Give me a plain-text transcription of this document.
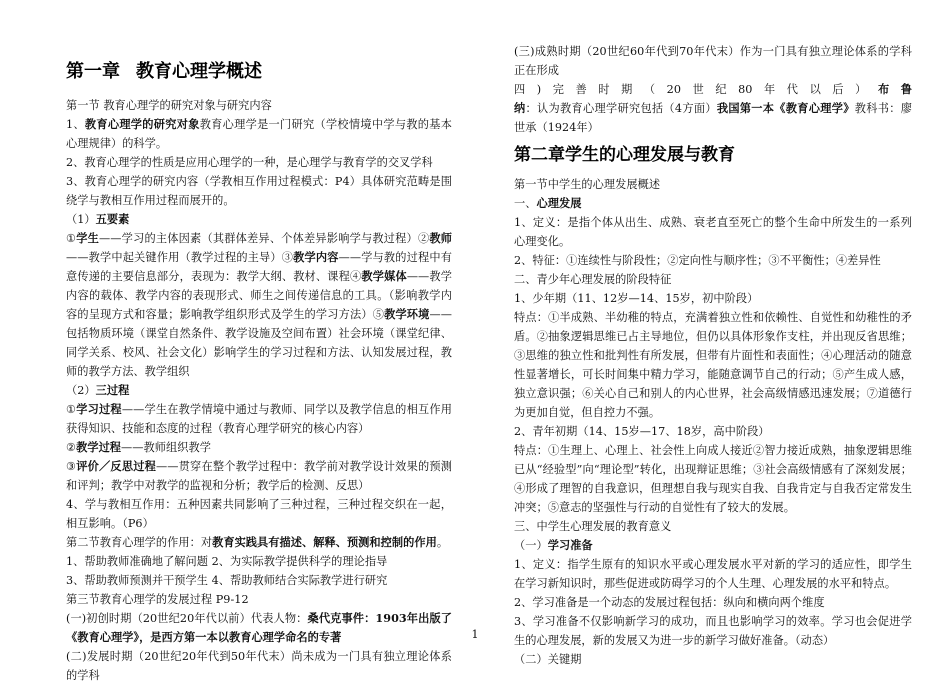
第一章 教育心理学概述

第一节 教育心理学的研究对象与研究内容

1、教育心理学的研究对象教育心理学是一门研究（学校情境中学与教的基本心理规律）的科学。

2、教育心理学的性质是应用心理学的一种，是心理学与教育学的交叉学科

3、教育心理学的研究内容（学教相互作用过程模式：P4）具体研究范畴是围绕学与教相互作用过程而展开的。

（1）五要素

①学生——学习的主体因素（其群体差异、个体差异影响学与教过程）②教师——教学中起关键作用（教学过程的主导）③教学内容——学与教的过程中有意传递的主要信息部分，表现为：教学大纲、教材、课程④教学媒体——教学内容的载体、教学内容的表现形式、师生之间传递信息的工具。（影响教学内容的呈现方式和容量；影响教学组织形式及学生的学习方法）⑤教学环境——包括物质环境（课堂自然条件、教学设施及空间布置）社会环境（课堂纪律、同学关系、校风、社会文化）影响学生的学习过程和方法、认知发展过程，教师的教学方法、教学组织

（2）三过程

①学习过程——学生在教学情境中通过与教师、同学以及教学信息的相互作用获得知识、技能和态度的过程（教育心理学研究的核心内容）

②教学过程——教师组织教学

③评价／反思过程——贯穿在整个教学过程中：教学前对教学设计效果的预测和评判；教学中对教学的监视和分析；教学后的检测、反思）

4、学与教相互作用：五种因素共同影响了三种过程，三种过程交织在一起，相互影响。（P6）

第二节教育心理学的作用：对教育实践具有描述、解释、预测和控制的作用。

1、帮助教师准确地了解问题 2、为实际教学提供科学的理论指导

3、帮助教师预测并干预学生 4、帮助教师结合实际教学进行研究

第三节教育心理学的发展过程 P9-12

(一)初创时期（20世纪20年代以前）代表人物：桑代克事件：1903年出版了《教育心理学》，是西方第一本以教育心理学命名的专著

(二)发展时期（20世纪20年代到50年代末）尚未成为一门具有独立理论体系的学科

(三)成熟时期（20世纪60年代到70年代末）作为一门具有独立理论体系的学科正在形成

四)完善时期（20世纪80年代以后）布鲁纳：认为教育心理学研究包括（4方面）我国第一本《教育心理学》教科书：廖世承（1924年）

第二章学生的心理发展与教育

第一节中学生的心理发展概述

一、心理发展

1、定义：是指个体从出生、成熟、衰老直至死亡的整个生命中所发生的一系列心理变化。

2、特征：①连续性与阶段性；②定向性与顺序性；③不平衡性；④差异性

二、青少年心理发展的阶段特征

1、少年期（11、12岁—14、15岁，初中阶段）

特点：①半成熟、半幼稚的特点，充满着独立性和依赖性、自觉性和幼稚性的矛盾。②抽象逻辑思维已占主导地位，但仍以具体形象作支柱，并出现反省思维；③思维的独立性和批判性有所发展，但带有片面性和表面性；④心理活动的随意性显著增长，可长时间集中精力学习，能随意调节自己的行动；⑤产生成人感，独立意识强；⑥关心自己和别人的内心世界，社会高级情感迅速发展；⑦道德行为更加自觉，但自控力不强。

2、青年初期（14、15岁—17、18岁，高中阶段）

特点：①生理上、心理上、社会性上向成人接近②智力接近成熟，抽象逻辑思维已从“经验型”向“理论型”转化，出现辩证思维；③社会高级情感有了深刻发展；④形成了理智的自我意识，但理想自我与现实自我、自我肯定与自我否定常发生冲突；⑤意志的坚强性与行动的自觉性有了较大的发展。

三、中学生心理发展的教育意义

（一）学习准备

1、定义：指学生原有的知识水平或心理发展水平对新的学习的适应性，即学生在学习新知识时，那些促进或防碍学习的个人生理、心理发展的水平和特点。

2、学习准备是一个动态的发展过程包括：纵向和横向两个维度

3、学习准备不仅影响新学习的成功，而且也影响学习的效率。学习也会促进学生的心理发展，新的发展又为进一步的新学习做好准备。（动态）

（二）关键期

1
